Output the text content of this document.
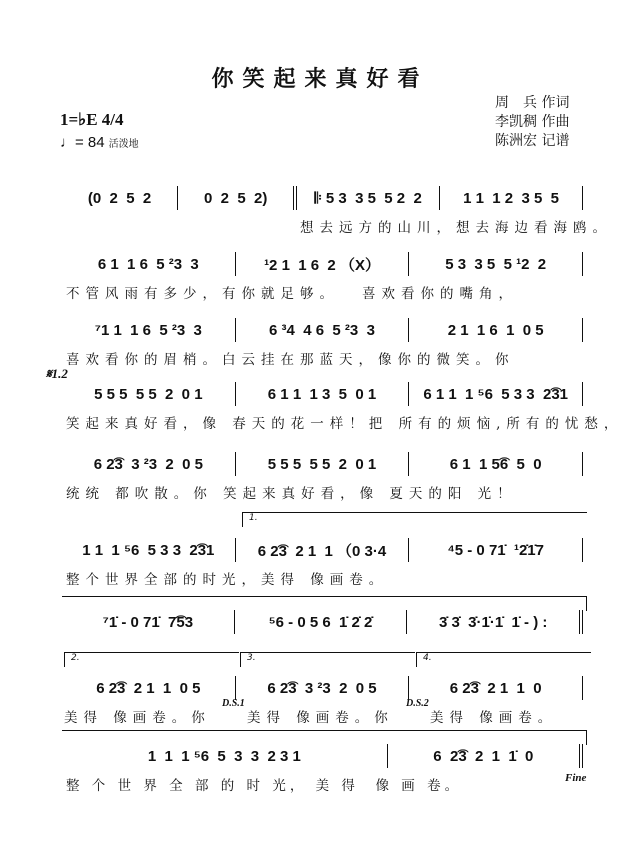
你笑起来真好看
1=♭E 4/4
♩= 84 活泼地
周　兵 作词
李凯稠 作曲
陈洲宏 记谱
(0  2  5  2	0  2  5  2)	𝄆 5 3  3 5  5 2  2	1 1  1 2  3 5  5
想去远方的山川，想去海边看海鸥。
6 1  1 6  5 ²3  3	¹2 1  1 6  2 （X）	5 3  3 5  5 ¹2  2
不管风雨有多少，有你就足够。　 喜欢看你的嘴角，
⁷1 1  1 6  5 ²3  3	6 ³4  4 6  5 ²3  3	2 1  1 6  1  0 5
喜欢看你的眉梢。白云挂在那蓝天，像你的微笑。你
5 5 5  5 5  2  0 1	6 1 1  1 3  5  0 1	6 1 1  1 ⁵6  5 3 3  2͡31
笑起来真好看，像 春天的花一样！把 所有的烦恼,所有的忧愁，
𝄋1.2
6 2͡3  3 ²3  2  0 5	5 5 5  5 5  2  0 1	6 1  1 5͡6  5  0
统统 都吹散。你 笑起来真好看，像 夏天的阳 光！
1 1  1 ⁵6  5 3 3  2͡31	6 2͡3  2 1  1 （0 3·4	⁴5 - 0 71̇  ¹2̇1̇7
整个世界全部的时光，美得 像画卷。
1.
⁷1̇ - 0 71̇  7͡53	⁵6 - 0 5 6  1̇ 2̇ 2̇	3̇ 3̇  3̇·1̇·1̇  1̇ - ) :
6 2͡3  2 1  1  0 5	6 2͡3  3 ²3  2  0 5	6 2͡3  2 1  1  0
2.	3.	4.
美得 像画卷。你	美得 像画卷。你	美得 像画卷。
D.S.1	D.S.2
1  1  1 ⁵6  5  3  3  2 3 1	6  2͡3  2  1  1̇  0
整 个 世 界 全 部 的 时 光， 美 得  像 画 卷。	Fine
